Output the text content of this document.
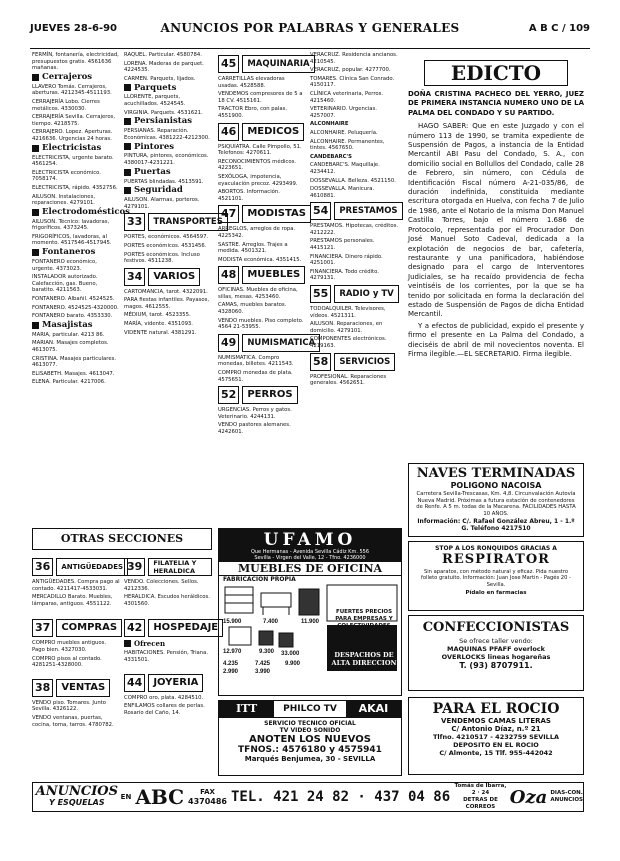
JUEVES 28-6-90	ANUNCIOS POR PALABRAS Y GENERALES	A B C / 109

FERMÍN, fontanería, electricidad, presupuestos gratis. 4561636 mañanas.

Cerrajeros

LLAVERO Tomás. Cerrajeros, aberturas. 4212345-4511193.

CERRAJERÍA Lobo. Cierres metálicos. 4330030.

CERRAJERÍA Sevilla. Cerrajeros, tiempo. 4218575.

CERRAJERO. Lopez. Aperturas. 4216636. Urgencias 24 horas.

Electricistas

ELECTRICISTA, urgente barato. 4561254.

ELECTRICISTA económico. 7058174.

ELECTRICISTA, rápido. 4352756.

AILUSON. Instalaciones, reparaciones. 4279101.

Electrodomésticos

AILUSON. Técnico: lavadoras, frigoríficos. 4373245.

FRIGORÍFICOS, lavadoras, al momento. 4517546-4517945.

Fontaneros

FONTANERO económico, urgente. 4373023.

INSTALADOR autorizado. Calefacción, gas. Bueno, baratito. 4211563.

FONTANERO. Albañil. 4524525.

FONTANERO. 4524525-4320000.

FONTANERO barato. 4353330.

Masajistas

MARIA, particular. 4213 86.

MARIAN. Masajes completos. 4613075.

CRISTINA. Masajes particulares. 4613077.

ELISABETH. Masajes. 4613047.

ELENA. Particular. 4217006.

RAQUEL. Particular. 4580784.

LORENA. Maderas de parquet. 4224535.

CARMEN. Parquets, lijados.

Parquets

LLORENTE, parquets, acuchillados. 4524545.

VIRGINIA. Parquets. 4531621.

Persianistas

PERSIANAS. Reparación. Económicas. 4381222-4212300.

Pintores

PINTURA, pintores, económicos. 4380017-4231221.

Puertas

PUERTAS blindadas. 4513591.

Seguridad

AILUSON. Alarmas, porteros. 4279101.

33	TRANSPORTES

PORTES, económicos. 4564597.

PORTES económicos. 4531456.

PORTES económicos. Incluso festivos. 4511238.

34	VARIOS

CARTOMANCIA, tarot. 4322091.

PARA fiestas infantiles. Payasos, magos. 4612555.

MÉDIUM, tarot. 4523355.

MARÍA, vidente. 4351093.

VIDENTE natural. 4381291.

OTRAS SECCIONES
36	ANTIGÜEDADES

ANTIGÜEDADES. Compra pago al contado. 4211417-4533031.

MERCADILLO Barato. Muebles, lámparas, antiguos. 4551122.

37	COMPRAS

COMPRO muebles antiguos. Pago bien. 4327030.

COMPRO pisos al contado. 4281251-4328000.

38	VENTAS

VENDO piso. Tomares. Junto Sevilla. 4326122.

VENDO ventanas, puertas, cocina, toma, tarros. 4780782.

39	FILATELIA Y HERALDICA

VENDO. Colecciones. Sellos. 4212336.

HERALDICA. Escudos heráldicos. 4301560.

42	HOSPEDAJE
Ofrecen

HABITACIONES. Pensión, Triana. 4331501.

44	JOYERIA

COMPRO oro, plata. 4284510.

ENFILAMOS collares de perlas. Rosario del Caño, 14.

45	MAQUINARIA

CARRETILLAS elevadoras usadas. 4528588.

VENDEMOS compresores de 5 a 18 CV. 4515161.

TRACTOR Ebro, con palas. 4551900.

46	MEDICOS

PSIQUIATRA. Calle Pimpollo, 51. Telefonos: 4270611.

RECONOCIMIENTOS médicos. 4223651.

SEXÓLOGA, impotencia, eyaculación precoz. 4293499.

ABORTOS. Información. 4521101.

47	MODISTAS

ARREGLOS, arreglos de ropa. 4225342.

SASTRE. Arreglos. Trajes a medida. 4501321.

MODISTA económica. 4351415.

48	MUEBLES

OFICINAS. Muebles de oficina, sillas, mesas. 4253460.

CAMAS, muebles baratos. 4328060.

VENDO muebles. Piso completo. 4564 21-53955.

49	NUMISMATICA

NUMISMATICA. Compro monedas, billetes. 4211543.

COMPRO monedas de plata. 4575651.

52	PERROS

URGENCIAS. Perros y gatos. Veterinario. 4244131.

VENDO pastores alemanes. 4242601.

VERACRUZ. Residencia ancianos. 4210545.

VERACRUZ, popular. 4277700.

TOMARES. Clínica San Conrado. 4150117.

CLÍNICA veterinaria, Perros. 4215460.

VETERINARIO. Urgencias. 4257007.

ALCONHAIRE

ALCONHAIRE. Peluquería.

ALCONHAIRE. Permanentes, tintes. 4567650.

CANDEBARC'S

CANDEBARC'S. Maquillaje. 4234412.

DOSSEVALLA. Belleza. 4521150.

DOSSEVALLA. Manicura. 4610881.

54	PRESTAMOS

PRESTAMOS. Hipotecas, créditos. 4212222.

PRESTAMOS personales. 4415121.

FINANCIERA. Dinero rápido. 4251001.

FINANCIERA. Todo crédito. 4279131.

55	RADIO y TV

TODOALQUILER. Televisores, vídeos. 4521311.

AILUSON. Reparaciones, en domicilio. 4279101.

COMPONENTES electrónicos. 4219163.

58	SERVICIOS

PROFESIONAL. Reparaciones generales. 4562651.

EDICTO
DOÑA CRISTINA PACHECO DEL YERRO, JUEZ DE PRIMERA INSTANCIA NUMERO UNO DE LA PALMA DEL CONDADO Y SU PARTIDO.
HAGO SABER: Que en este Juzgado y con el número 113 de 1990, se tramita expediente de Suspensión de Pagos, a instancia de la Entidad Mercantil ABI Pasu del Condado, S. A., con domicilio social en Bollullos del Condado, calle 28 de Febrero, sin número, con Cédula de Identificación Fiscal número A-21-035/86, de duración indefinida, constituida mediante escritura otorgada en Huelva, con fecha 7 de Julio de 1986, ante el Notario de la misma Don Manuel Castilla Torres, bajo el número 1.686 de Protocolo, representada por el Procurador Don José Manuel Soto Cadeval, dedicada a la explotación de negocios de bar, cafetería, restaurante y una panificadora, habiéndose designado para el cargo de Interventores Judiciales, se ha recaído providencia de fecha veintiséis de los corrientes, por la que se ha tenido por solicitada en forma la declaración del estado de Suspensión de Pagos de dicha Entidad Mercantil.
Y a efectos de publicidad, expido el presente y firmo el presente en La Palma del Condado, a dieciséis de abril de mil novecientos noventa. El Firma ilegible.—EL SECRETARIO. Firma ilegible.
NAVES TERMINADAS
POLIGONO NACOISA
Carretera Sevilla-Trescasas, Km. 4,8. Circunvalación Autovía Nueva Madrid. Próximas a futura estación de contenedores de Renfe. A 5 m. todas de la Macarena. FACILIDADES HASTA 10 AÑOS.
Información: C/. Rafael González Abreu, 1 - 1.º G. Teléfono 4217510
STOP A LOS RONQUIDOS GRACIAS A
RESPIRATOR
Sin aparatos, con método natural y eficaz. Pida nuestro folleto gratuito. Información: Juan Jose Martin - Pagés 20 - Sevilla.
Pídalo en farmacias
CONFECCIONISTAS
Se ofrece taller vendo:
MAQUINAS PFAFF overlock
OVERLOCKS lineas hogareñas
T. (93) 8707911.
PARA EL ROCIO
VENDEMOS CAMAS LITERAS
C/ Antonio Díaz, n.º 21
Tlfno. 4210517 - 4232759 SEVILLA
DEPOSITO EN EL ROCIO
C/ Almonte, 15 Tlf. 955-442042
UFAMO
Que Hermanas - Avenida Sevilla Cádiz Km. 556
Sevilla - Virgen del Valle, 12 - Tfno. 4236000
MUEBLES DE OFICINA
FABRICACION PROPIA
15.900	7.400	11.900
12.970	9.300 33.000
4.235	7.425 9.900
2.990	3.990
FUERTES PRECIOS PARA EMPRESAS Y COLECTIVIDADES
DESPACHOS DE ALTA DIRECCION
Entrega inmediata
ITT	PHILCO TV	AKAI
SERVICIO TECNICO OFICIAL
TV VIDEO SONIDO
ANOTEN LOS NUEVOS
TFNOS.: 4576180 y 4575941
Marqués Benjumea, 30 - SEVILLA
ANUNCIOS
Y ESQUELAS
EN ABC	FAX
4370486 TEL. 421 24 82 · 437 04 86
Tomás de Ibarra, 2 · 24
DETRAS DE CORREOS Oza DIAS-CON.
ANUNCIOS
